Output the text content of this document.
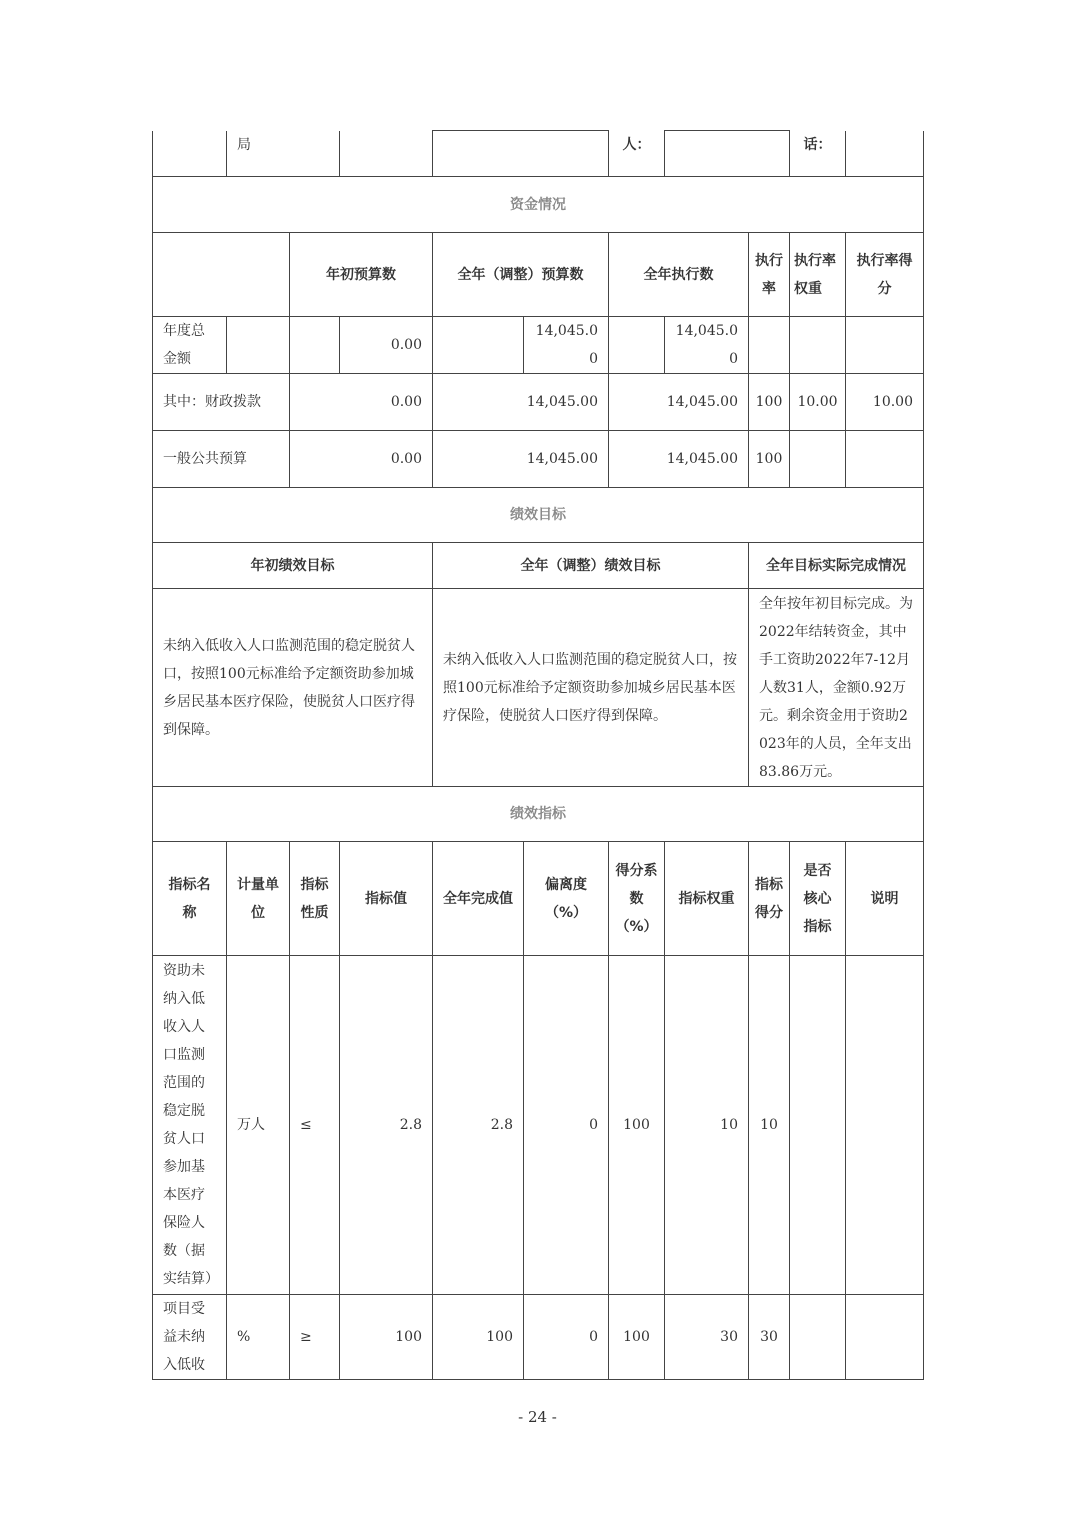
	局					人：			话：	
资金情况										
		年初预算数		全年（调整）预算数		全年执行数		执行率	执行率权重	执行率得分
年度总金额			0.00		14,045.00		14,045.00			
其中：财政拨款		0.00		14,045.00		14,045.00		100	10.00	10.00
一般公共预算		0.00		14,045.00		14,045.00		100		
绩效目标										
年初绩效目标				全年（调整）绩效目标				全年目标实际完成情况		
未纳入低收入人口监测范围的稳定脱贫人口，按照100元标准给予定额资助参加城乡居民基本医疗保险，使脱贫人口医疗得到保障。				未纳入低收入人口监测范围的稳定脱贫人口，按照100元标准给予定额资助参加城乡居民基本医疗保险，使脱贫人口医疗得到保障。				全年按年初目标完成。为2022年结转资金，其中手工资助2022年7-12月人数31人，金额0.92万元。剩余资金用于资助2023年的人员，全年支出83.86万元。		
绩效指标										
指标名称	计量单位	指标性质	指标值	全年完成值	偏离度（%）	得分系数（%）	指标权重	指标得分	是否核心指标	说明
资助未纳入低收入人口监测范围的稳定脱贫人口参加基本医疗保险人数（据实结算）	万人	≤	2.8	2.8	0	100	10	10		
项目受益未纳入低收	%	≥	100	100	0	100	30	30		
- 24 -
